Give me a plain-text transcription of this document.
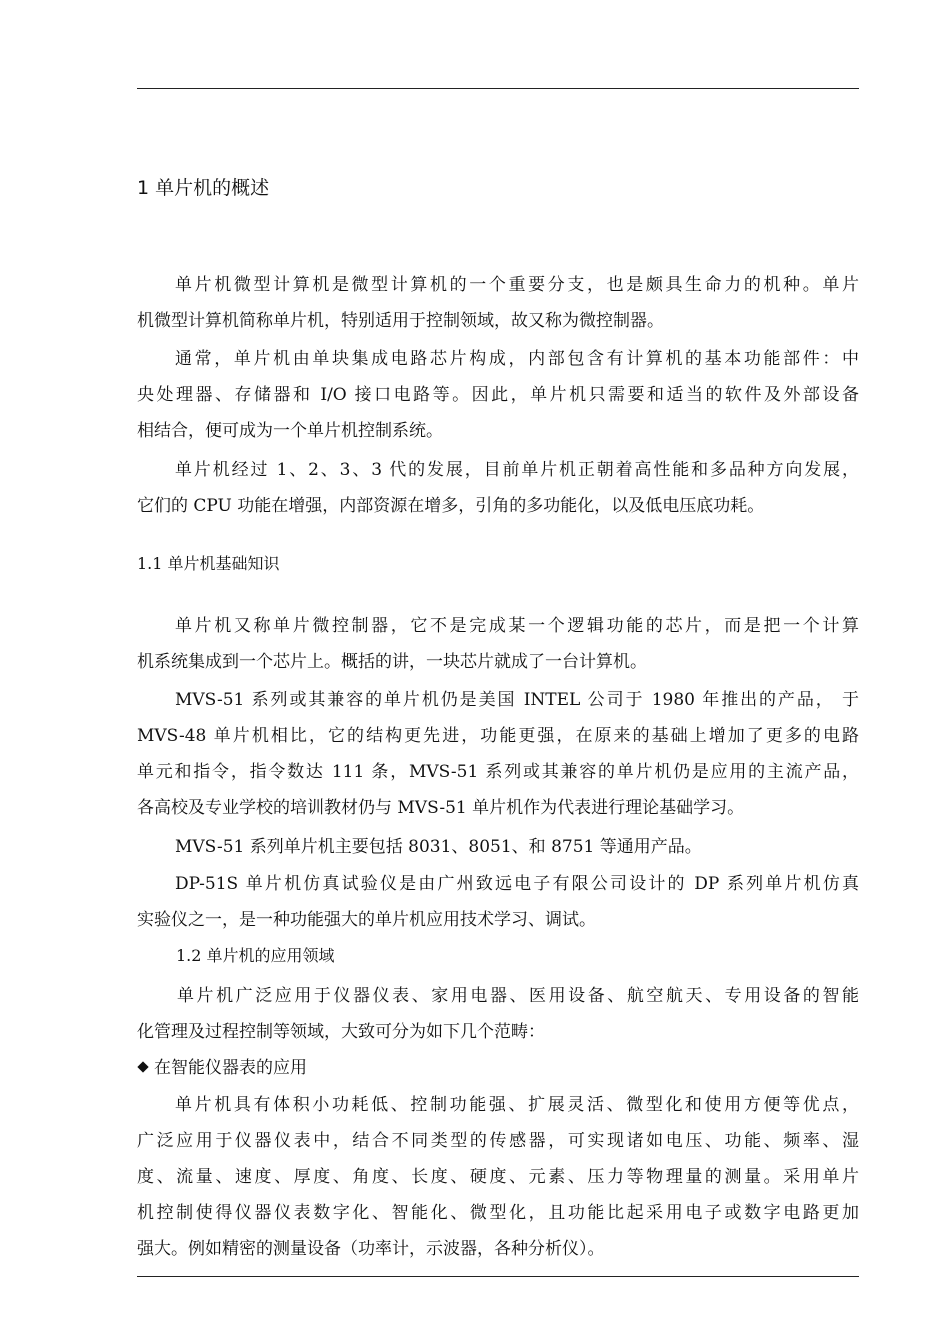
1 单片机的概述
单片机微型计算机是微型计算机的一个重要分支，也是颇具生命力的机种。单片
机微型计算机简称单片机，特别适用于控制领域，故又称为微控制器。
通常，单片机由单块集成电路芯片构成，内部包含有计算机的基本功能部件：中
央处理器、存储器和 I/O 接口电路等。因此，单片机只需要和适当的软件及外部设备
相结合，便可成为一个单片机控制系统。
单片机经过 1、2、3、3 代的发展，目前单片机正朝着高性能和多品种方向发展，
它们的 CPU 功能在增强，内部资源在增多，引角的多功能化，以及低电压底功耗。
1.1 单片机基础知识
单片机又称单片微控制器，它不是完成某一个逻辑功能的芯片，而是把一个计算
机系统集成到一个芯片上。概括的讲，一块芯片就成了一台计算机。
MVS-51 系列或其兼容的单片机仍是美国 INTEL 公司于 1980 年推出的产品， 于
MVS-48 单片机相比，它的结构更先进，功能更强，在原来的基础上增加了更多的电路
单元和指令，指令数达 111 条，MVS-51 系列或其兼容的单片机仍是应用的主流产品，
各高校及专业学校的培训教材仍与 MVS-51 单片机作为代表进行理论基础学习。
MVS-51 系列单片机主要包括 8031、8051、和 8751 等通用产品。
DP-51S 单片机仿真试验仪是由广州致远电子有限公司设计的 DP 系列单片机仿真
实验仪之一，是一种功能强大的单片机应用技术学习、调试。
1.2 单片机的应用领域
单片机广泛应用于仪器仪表、家用电器、医用设备、航空航天、专用设备的智能
化管理及过程控制等领域，大致可分为如下几个范畴：
在智能仪器表的应用
单片机具有体积小功耗低、控制功能强、扩展灵活、微型化和使用方便等优点，
广泛应用于仪器仪表中，结合不同类型的传感器，可实现诸如电压、功能、频率、湿
度、流量、速度、厚度、角度、长度、硬度、元素、压力等物理量的测量。采用单片
机控制使得仪器仪表数字化、智能化、微型化，且功能比起采用电子或数字电路更加
强大。例如精密的测量设备（功率计，示波器，各种分析仪）。
